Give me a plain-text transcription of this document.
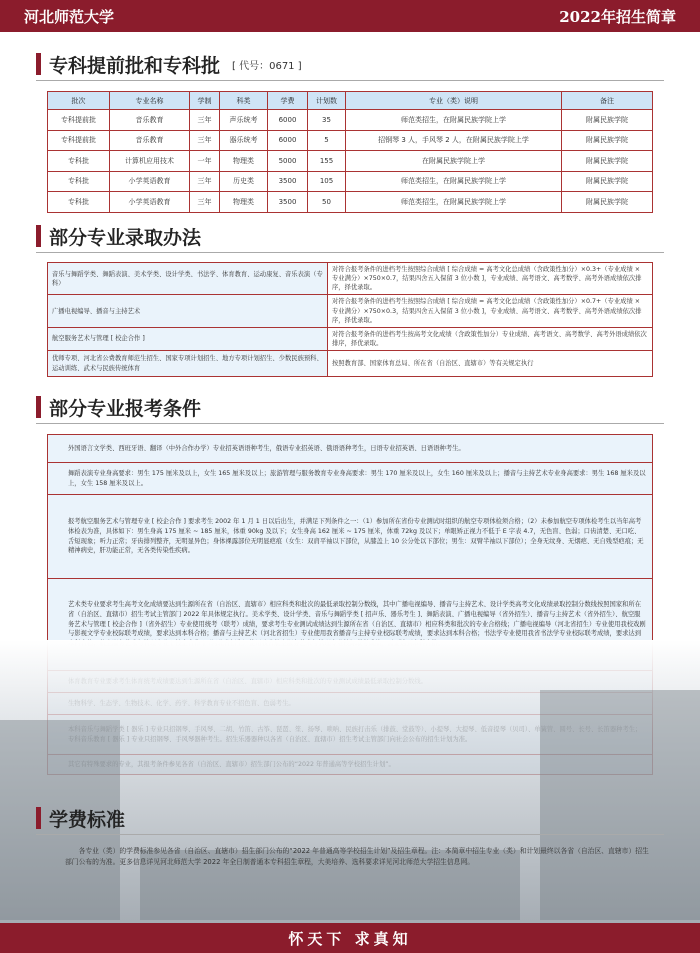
河北师范大学	2022年招生简章
专科提前批和专科批 [ 代号：0671 ]
批次	专业名称	学制	科类	学费	计划数	专业（类）说明	备注
专科提前批	音乐教育	三年	声乐统考	6000	35	师范类招生，在附属民族学院上学	附属民族学院
专科提前批	音乐教育	三年	器乐统考	6000	5	招钢琴 3 人，手风琴 2 人，在附属民族学院上学	附属民族学院
专科批	计算机应用技术	一年	物理类	5000	155	在附属民族学院上学	附属民族学院
专科批	小学英语教育	三年	历史类	3500	105	师范类招生，在附属民族学院上学	附属民族学院
专科批	小学英语教育	三年	物理类	3500	50	师范类招生，在附属民族学院上学	附属民族学院
部分专业录取办法
音乐与舞蹈学类、舞蹈表演、美术学类、设计学类、书法学、体育教育、运动康复、音乐表演（专科）	对符合报考条件的进档考生按照综合成绩 [ 综合成绩 = 高考文化总成绩（含政策性加分）×0.3+（专业成绩 × 专业满分）×750×0.7，结果四舍五入保留 3 位小数 ]，专业成绩、高考语文、高考数学、高考外语成绩依次排序，择优录取。
广播电视编导、播音与主持艺术	对符合报考条件的进档考生按照综合成绩 [ 综合成绩 = 高考文化总成绩（含政策性加分）×0.7+（专业成绩 × 专业满分）×750×0.3，结果四舍五入保留 3 位小数 ]，专业成绩、高考语文、高考数学、高考外语成绩依次排序，择优录取。
航空服务艺术与管理 [ 校企合作 ]	对符合报考条件的进档考生按高考文化成绩（含政策性加分）专业成绩、高考语文、高考数学、高考外语成绩依次排序，择优录取。
优师专项、河北省公费教育师范生招生、国家专项计划招生、地方专项计划招生、少数民族预科、运动训练、武术与民族传统体育	按照教育部、国家体育总局、所在省（自治区、直辖市）等有关规定执行
部分专业报考条件
外国语言文学类、西班牙语、翻译（中外合作办学）专业招英语语种考生，俄语专业招英语、俄语语种考生，日语专业招英语、日语语种考生。
舞蹈表演专业身高要求：男生 175 厘米及以上，女生 165 厘米及以上；旅游管理与服务教育专业身高要求：男生 170 厘米及以上，女生 160 厘米及以上；播音与主持艺术专业身高要求：男生 168 厘米及以上，女生 158 厘米及以上。
报考航空服务艺术与管理专业 [ 校企合作 ] 要求考生 2002 年 1 月 1 日以后出生，并满足下列条件之一：（1）参加所在省份专业测试时组织的航空专项体检须合格；（2）未参加航空专项体检考生以当年高考体检表为准，具体如下：男生身高 175 厘米 ~ 185 厘米，体重 90kg 及以下；女生身高 162 厘米 ~ 175 厘米，体重 72kg 及以下；单眼矫正视力不低于 E 字表 4.7，无色盲、色弱；口齿清楚、无口吃、舌短现象；听力正常；牙齿排列整齐，无明显异色；身体裸露部位无明显疤痕（女生：双肩平袖以下部位，从膝盖上 10 公分处以下部位；男生：双臂半袖以下部位）；全身无纹身、无烟疤、无自残型疤痕；无精神病史，肝功能正常，无各类传染性疾病。
艺术类专业要求考生高考文化成绩要达到生源所在省（自治区、直辖市）相应科类和批次的最低录取控制分数线，其中广播电视编导、播音与主持艺术、设计学类高考文化成绩录取控制分数线按照国家和所在省（自治区、直辖市）招生考试主管部门 2022 年具体规定执行。美术学类、设计学类、音乐与舞蹈学类 [ 招声乐、器乐考生 ]、舞蹈表演、广播电视编导（省外招生）、播音与主持艺术（省外招生）、航空服务艺术与管理 [ 校企合作 ]（省外招生）专业使用统考（联考）成绩，要求考生专业测试成绩达到生源所在省（自治区、直辖市）相应科类和批次的专业合格线；广播电视编导（河北省招生）专业使用我校戏剧与影视文学专业校际联考成绩，要求达到本科合格；播音与主持艺术（河北省招生）专业使用我省播音与主持专业校际联考成绩，要求达到本科合格；书法学专业使用我省书法学专业校际联考成绩，要求达到

学费标准
各专业（类）的学费标准参见各省（自治区、直辖市）招生部门公布的“2022 年普通高等学校招生计划”及招生章程。注：本简章中招生专业（类）和计划最终以各省（自治区、直辖市）招生部门公布的为准。更多信息详见河北师范大学 2022 年全日制普通本专科招生章程，大美培养、选科要求详见河北师范大学招生信息网。
怀天下 求真知
